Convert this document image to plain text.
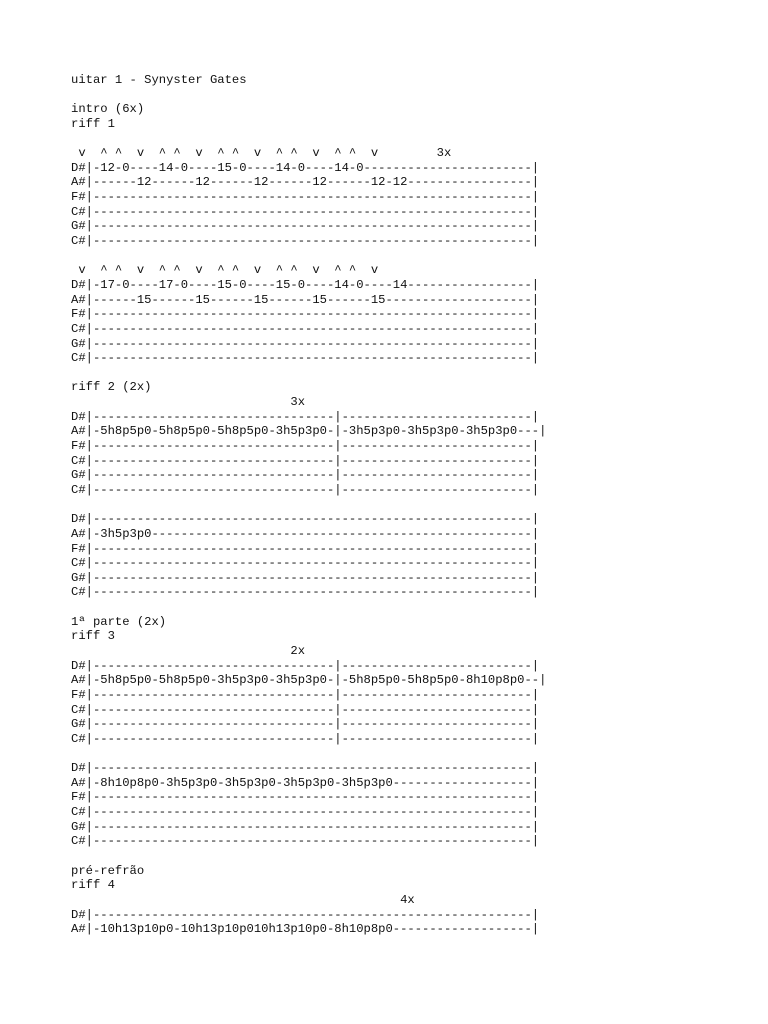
uitar 1 - Synyster Gates
intro (6x)
riff 1
v  ^ ^  v  ^ ^  v  ^ ^  v  ^ ^  v  ^ ^  v        3x
D#|-12-0----14-0----15-0----14-0----14-0-----------------------|
A#|------12------12------12------12------12-12-----------------|
F#|------------------------------------------------------------|
C#|------------------------------------------------------------|
G#|------------------------------------------------------------|
C#|------------------------------------------------------------|
v  ^ ^  v  ^ ^  v  ^ ^  v  ^ ^  v  ^ ^  v
D#|-17-0----17-0----15-0----15-0----14-0----14-----------------|
A#|------15------15------15------15------15--------------------|
F#|------------------------------------------------------------|
C#|------------------------------------------------------------|
G#|------------------------------------------------------------|
C#|------------------------------------------------------------|
riff 2 (2x)
3x
D#|---------------------------------|--------------------------|
A#|-5h8p5p0-5h8p5p0-5h8p5p0-3h5p3p0-|-3h5p3p0-3h5p3p0-3h5p3p0---|
F#|---------------------------------|--------------------------|
C#|---------------------------------|--------------------------|
G#|---------------------------------|--------------------------|
C#|---------------------------------|--------------------------|
D#|------------------------------------------------------------|
A#|-3h5p3p0----------------------------------------------------|
F#|------------------------------------------------------------|
C#|------------------------------------------------------------|
G#|------------------------------------------------------------|
C#|------------------------------------------------------------|
1ª parte (2x)
riff 3
2x
D#|---------------------------------|--------------------------|
A#|-5h8p5p0-5h8p5p0-3h5p3p0-3h5p3p0-|-5h8p5p0-5h8p5p0-8h10p8p0--|
F#|---------------------------------|--------------------------|
C#|---------------------------------|--------------------------|
G#|---------------------------------|--------------------------|
C#|---------------------------------|--------------------------|
D#|------------------------------------------------------------|
A#|-8h10p8p0-3h5p3p0-3h5p3p0-3h5p3p0-3h5p3p0-------------------|
F#|------------------------------------------------------------|
C#|------------------------------------------------------------|
G#|------------------------------------------------------------|
C#|------------------------------------------------------------|
pré-refrão
riff 4
4x
D#|------------------------------------------------------------|
A#|-10h13p10p0-10h13p10p010h13p10p0-8h10p8p0-------------------|
